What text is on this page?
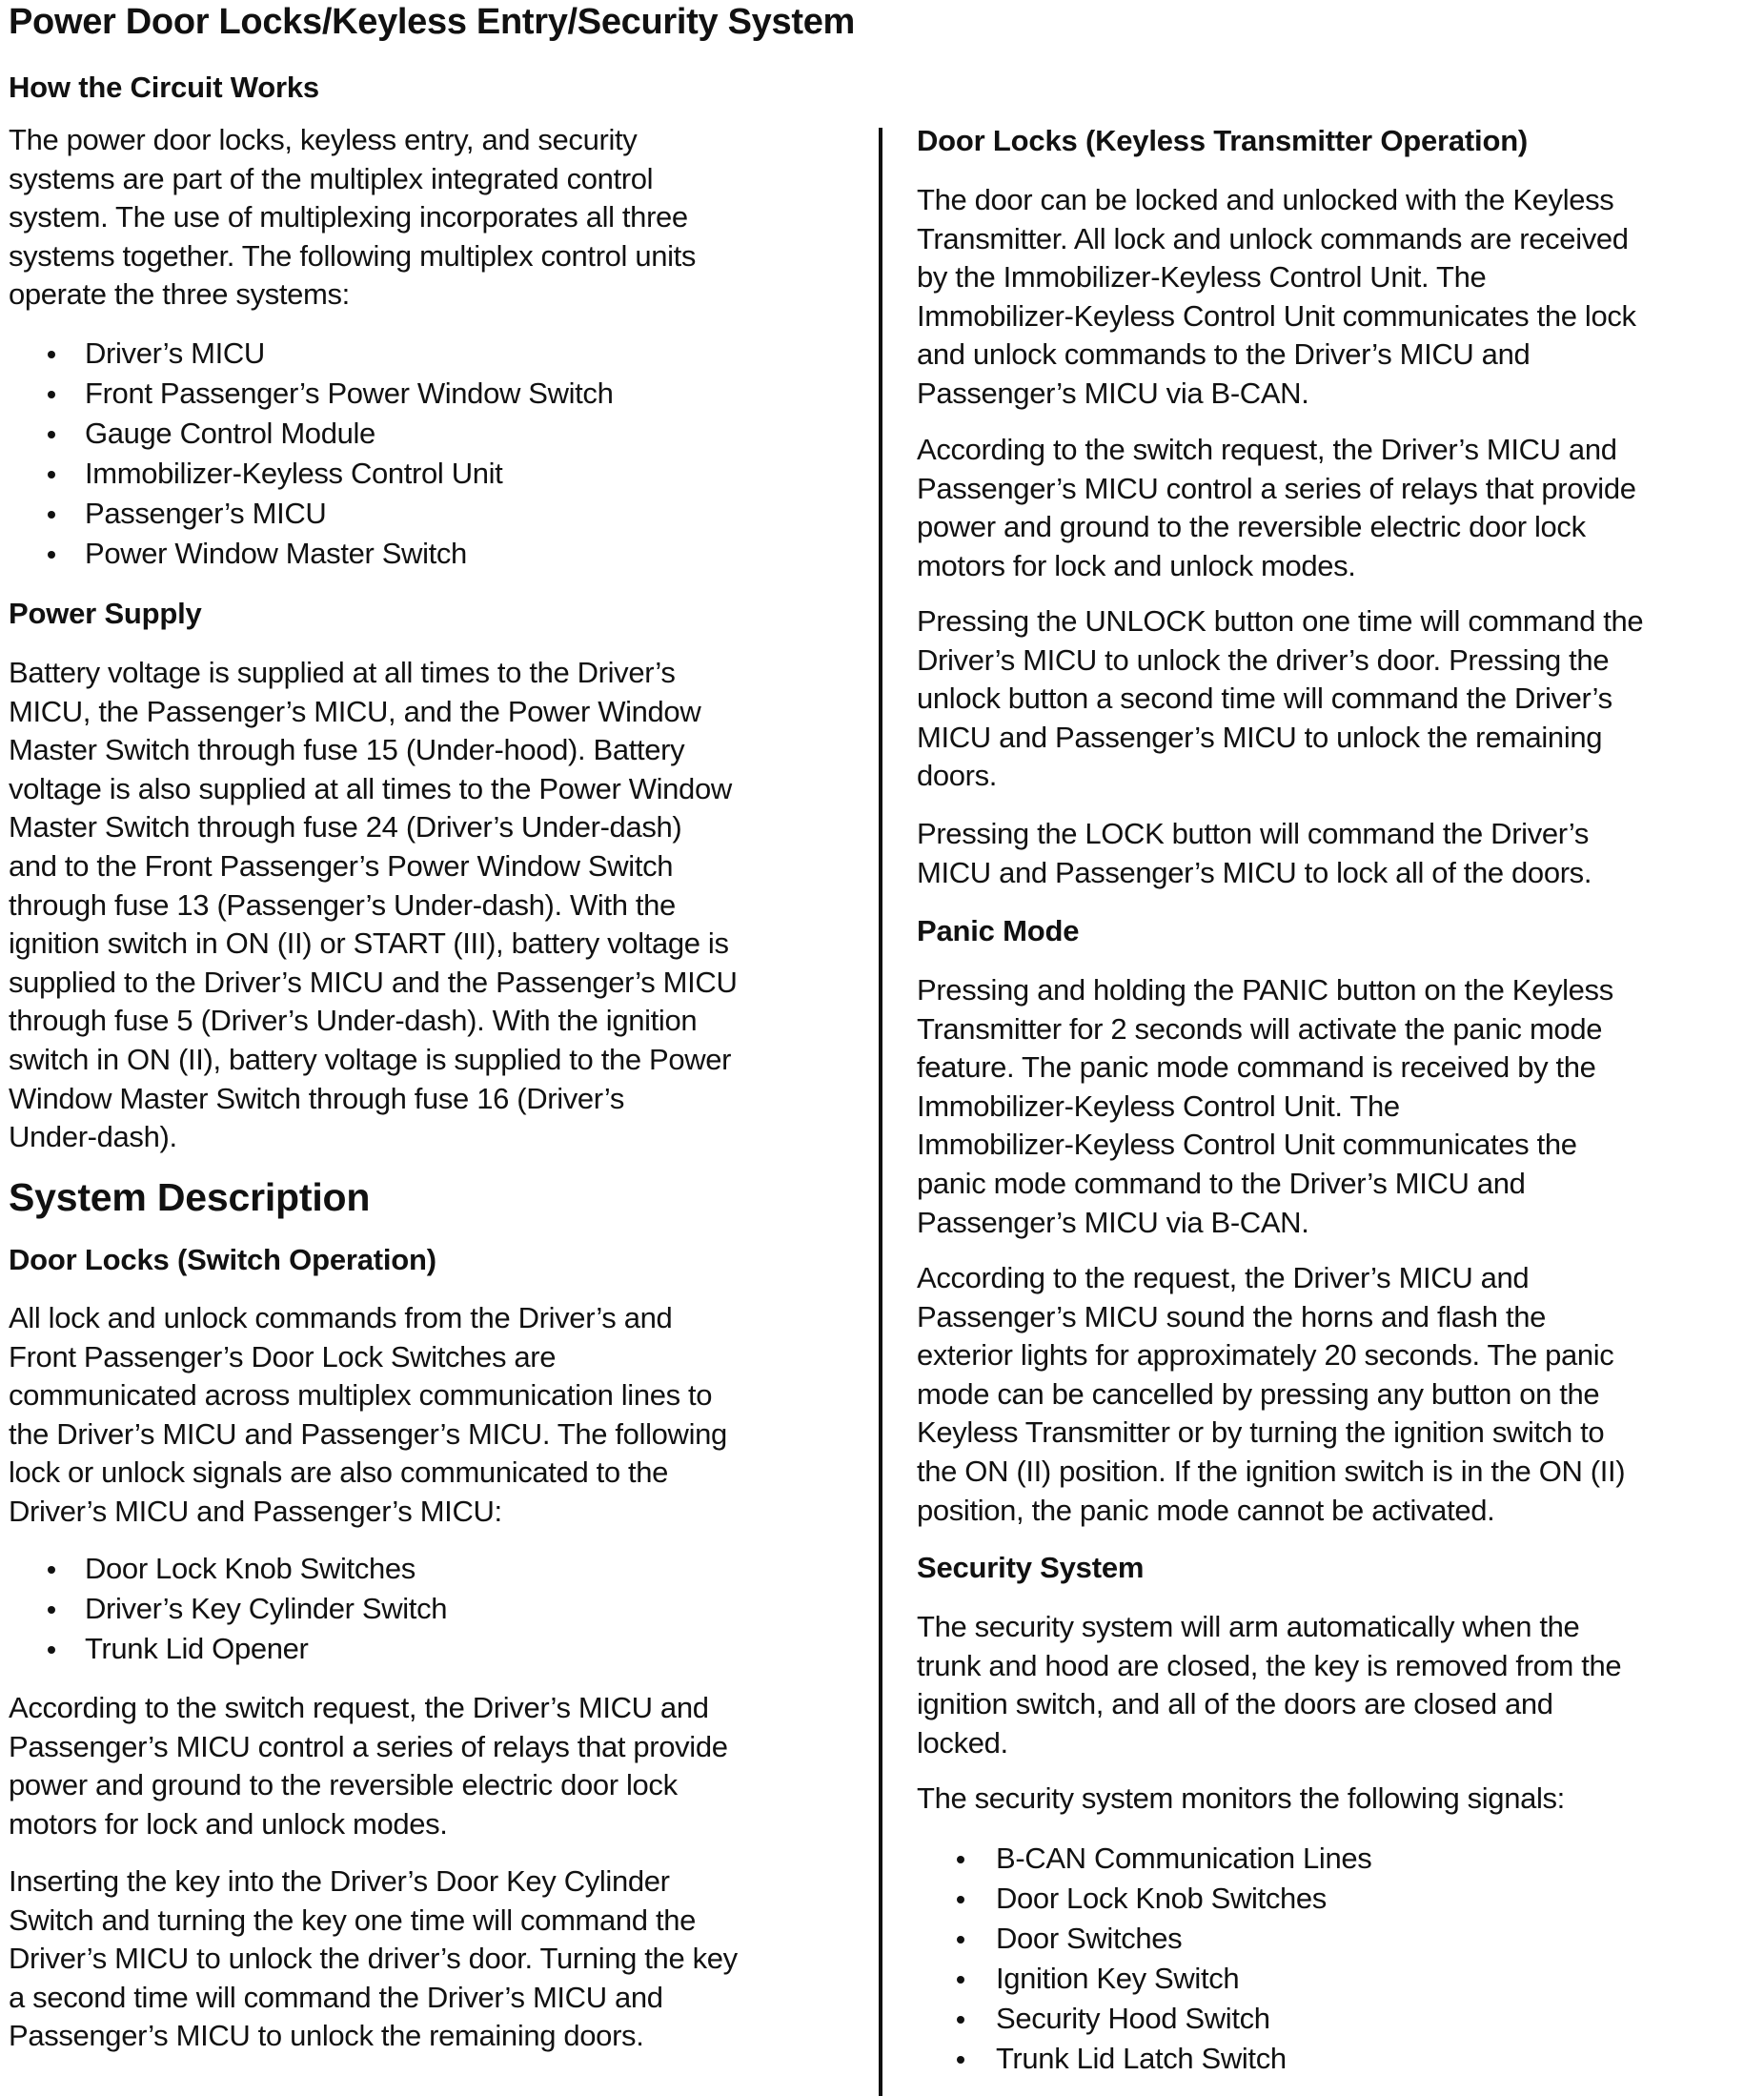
Power Door Locks/Keyless Entry/Security System
How the Circuit Works
The power door locks, keyless entry, and security
systems are part of the multiplex integrated control
system. The use of multiplexing incorporates all three
systems together. The following multiplex control units
operate the three systems:
Driver’s MICU
Front Passenger’s Power Window Switch
Gauge Control Module
Immobilizer-Keyless Control Unit
Passenger’s MICU
Power Window Master Switch
Power Supply
Battery voltage is supplied at all times to the Driver’s
MICU, the Passenger’s MICU, and the Power Window
Master Switch through fuse 15 (Under-hood). Battery
voltage is also supplied at all times to the Power Window
Master Switch through fuse 24 (Driver’s Under-dash)
and to the Front Passenger’s Power Window Switch
through fuse 13 (Passenger’s Under-dash). With the
ignition switch in ON (II) or START (III), battery voltage is
supplied to the Driver’s MICU and the Passenger’s MICU
through fuse 5 (Driver’s Under-dash). With the ignition
switch in ON (II), battery voltage is supplied to the Power
Window Master Switch through fuse 16 (Driver’s
Under-dash).
System Description
Door Locks (Switch Operation)
All lock and unlock commands from the Driver’s and
Front Passenger’s Door Lock Switches are
communicated across multiplex communication lines to
the Driver’s MICU and Passenger’s MICU. The following
lock or unlock signals are also communicated to the
Driver’s MICU and Passenger’s MICU:
Door Lock Knob Switches
Driver’s Key Cylinder Switch
Trunk Lid Opener
According to the switch request, the Driver’s MICU and
Passenger’s MICU control a series of relays that provide
power and ground to the reversible electric door lock
motors for lock and unlock modes.
Inserting the key into the Driver’s Door Key Cylinder
Switch and turning the key one time will command the
Driver’s MICU to unlock the driver’s door. Turning the key
a second time will command the Driver’s MICU and
Passenger’s MICU to unlock the remaining doors.
Door Locks (Keyless Transmitter Operation)
The door can be locked and unlocked with the Keyless
Transmitter. All lock and unlock commands are received
by the Immobilizer-Keyless Control Unit. The
Immobilizer-Keyless Control Unit communicates the lock
and unlock commands to the Driver’s MICU and
Passenger’s MICU via B-CAN.
According to the switch request, the Driver’s MICU and
Passenger’s MICU control a series of relays that provide
power and ground to the reversible electric door lock
motors for lock and unlock modes.
Pressing the UNLOCK button one time will command the
Driver’s MICU to unlock the driver’s door. Pressing the
unlock button a second time will command the Driver’s
MICU and Passenger’s MICU to unlock the remaining
doors.
Pressing the LOCK button will command the Driver’s
MICU and Passenger’s MICU to lock all of the doors.
Panic Mode
Pressing and holding the PANIC button on the Keyless
Transmitter for 2 seconds will activate the panic mode
feature. The panic mode command is received by the
Immobilizer-Keyless Control Unit. The
Immobilizer-Keyless Control Unit communicates the
panic mode command to the Driver’s MICU and
Passenger’s MICU via B-CAN.
According to the request, the Driver’s MICU and
Passenger’s MICU sound the horns and flash the
exterior lights for approximately 20 seconds. The panic
mode can be cancelled by pressing any button on the
Keyless Transmitter or by turning the ignition switch to
the ON (II) position. If the ignition switch is in the ON (II)
position, the panic mode cannot be activated.
Security System
The security system will arm automatically when the
trunk and hood are closed, the key is removed from the
ignition switch, and all of the doors are closed and
locked.
The security system monitors the following signals:
B-CAN Communication Lines
Door Lock Knob Switches
Door Switches
Ignition Key Switch
Security Hood Switch
Trunk Lid Latch Switch
